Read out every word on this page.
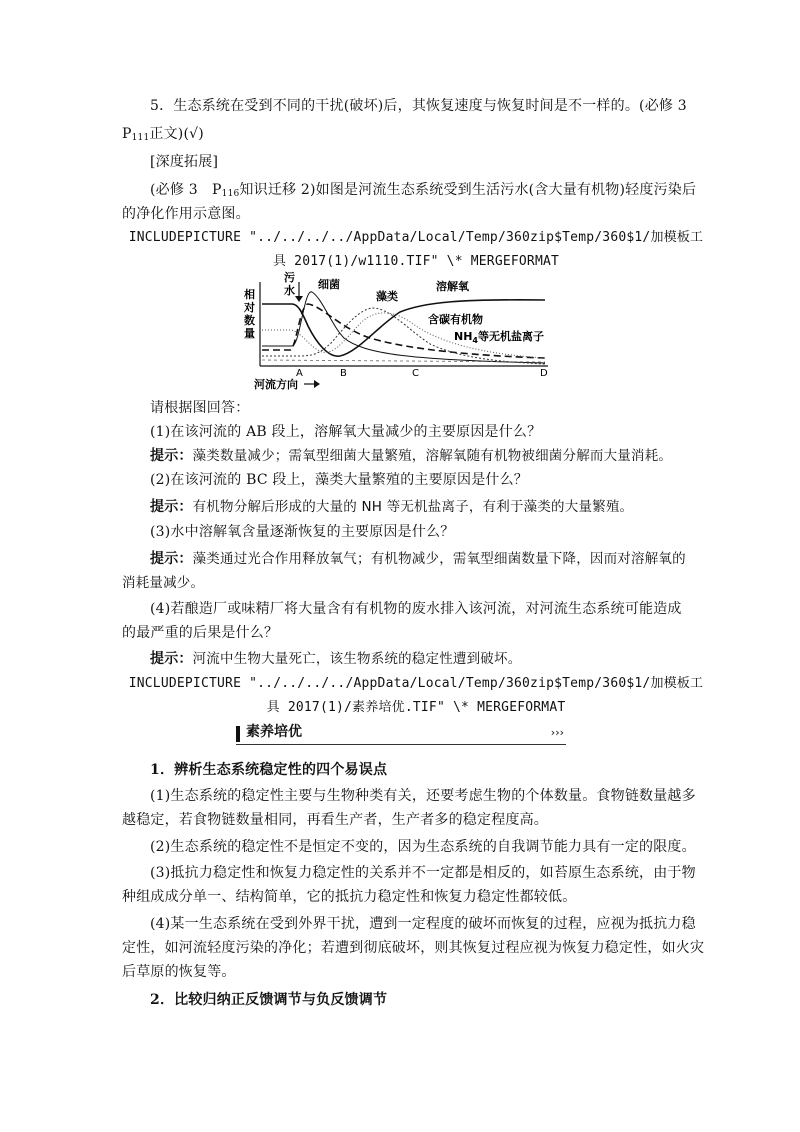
5．生态系统在受到不同的干扰(破坏)后，其恢复速度与恢复时间是不一样的。(必修 3
$P_{111}$正文)(√)
[深度拓展]
(必修 3　$P_{116}$知识迁移 2)如图是河流生态系统受到生活污水(含大量有机物)轻度污染后
的净化作用示意图。
INCLUDEPICTURE "../../../../AppData/Local/Temp/360zip$Temp/360$1/加模板工
具 2017(1)/w1110.TIF" \* MERGEFORMAT
相
对
数
量
污
水 细菌
藻类
溶解氧
含碳有机物
$NH_4$等无机盐离子
A	B	C	D
河流方向
请根据图回答：
(1)在该河流的 AB 段上，溶解氧大量减少的主要原因是什么？
提示：藻类数量减少；需氧型细菌大量繁殖，溶解氧随有机物被细菌分解而大量消耗。
(2)在该河流的 BC 段上，藻类大量繁殖的主要原因是什么？
提示：有机物分解后形成的大量的 NH 等无机盐离子，有利于藻类的大量繁殖。
(3)水中溶解氧含量逐渐恢复的主要原因是什么？
提示：藻类通过光合作用释放氧气；有机物减少，需氧型细菌数量下降，因而对溶解氧的
消耗量减少。
(4)若酿造厂或味精厂将大量含有有机物的废水排入该河流，对河流生态系统可能造成
的最严重的后果是什么？
提示：河流中生物大量死亡，该生物系统的稳定性遭到破坏。
INCLUDEPICTURE "../../../../AppData/Local/Temp/360zip$Temp/360$1/加模板工
具 2017(1)/素养培优.TIF" \* MERGEFORMAT
素养培优	›››
1．辨析生态系统稳定性的四个易误点
(1)生态系统的稳定性主要与生物种类有关，还要考虑生物的个体数量。食物链数量越多
越稳定，若食物链数量相同，再看生产者，生产者多的稳定程度高。
(2)生态系统的稳定性不是恒定不变的，因为生态系统的自我调节能力具有一定的限度。
(3)抵抗力稳定性和恢复力稳定性的关系并不一定都是相反的，如苔原生态系统，由于物
种组成成分单一、结构简单，它的抵抗力稳定性和恢复力稳定性都较低。
(4)某一生态系统在受到外界干扰，遭到一定程度的破坏而恢复的过程，应视为抵抗力稳
定性，如河流轻度污染的净化；若遭到彻底破坏，则其恢复过程应视为恢复力稳定性，如火灾
后草原的恢复等。
2．比较归纳正反馈调节与负反馈调节
